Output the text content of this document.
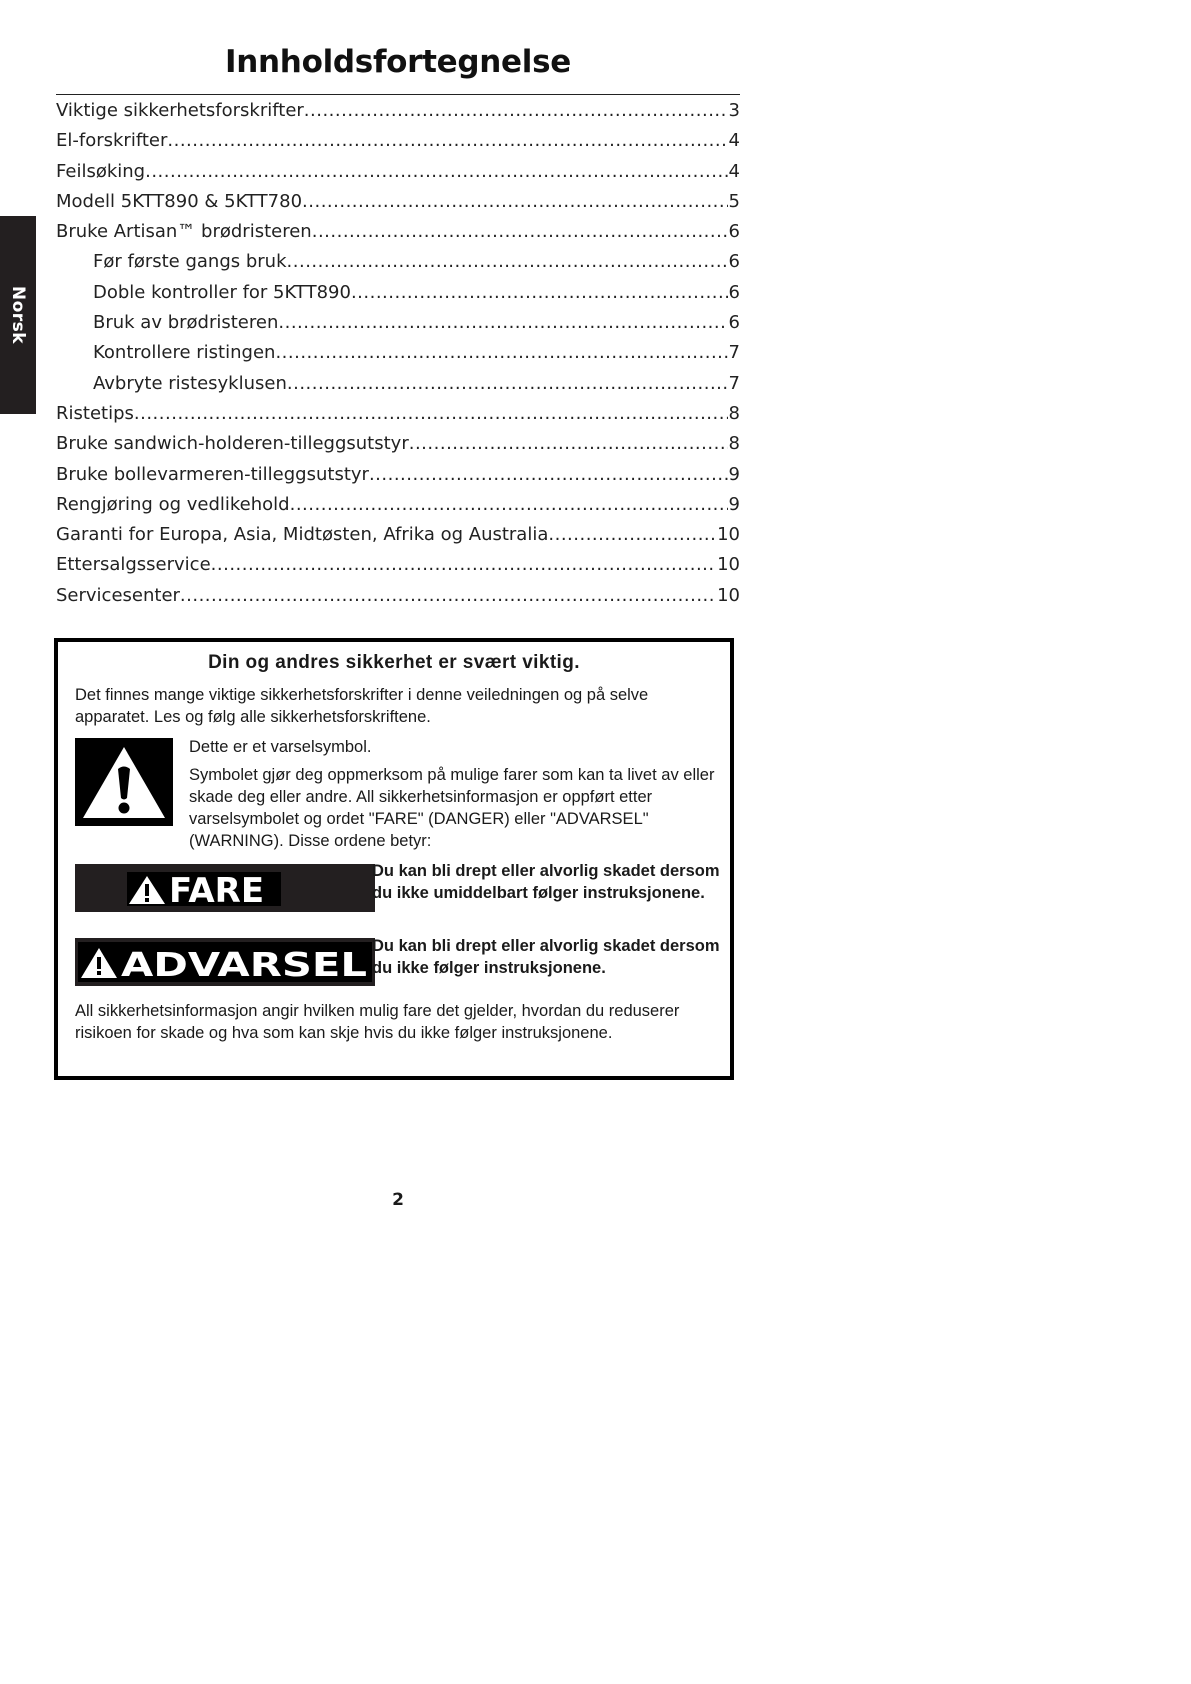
Norsk
Innholdsfortegnelse
Viktige sikkerhetsforskrifter .....	3
El-forskrifter .....	4
Feilsøking .....	4
Modell 5KTT890 & 5KTT780 .....	5
Bruke Artisan™ brødristeren .....	6
Før første gangs bruk .....	6
Doble kontroller for 5KTT890 .....	6
Bruk av brødristeren .....	6
Kontrollere ristingen .....	7
Avbryte ristesyklusen .....	7
Ristetips .....	8
Bruke sandwich-holderen-tilleggsutstyr .....	8
Bruke bollevarmeren-tilleggsutstyr .....	9
Rengjøring og vedlikehold .....	9
Garanti for Europa, Asia, Midtøsten, Afrika og Australia .....	10
Ettersalgsservice .....	10
Servicesenter .....	10

Din og andres sikkerhet er svært viktig.

Det finnes mange viktige sikkerhetsforskrifter i denne veiledningen og på selve apparatet. Les og følg alle sikkerhetsforskriftene.

Dette er et varselsymbol.

Symbolet gjør deg oppmerksom på mulige farer som kan ta livet av eller skade deg eller andre. All sikkerhetsinformasjon er oppført etter varselsymbolet og ordet "FARE" (DANGER) eller "ADVARSEL" (WARNING). Disse ordene betyr:

FARE	Du kan bli drept eller alvorlig skadet dersom du ikke umiddelbart følger instruksjonene.

ADVARSEL Du kan bli drept eller alvorlig skadet dersom du ikke følger instruksjonene.

All sikkerhetsinformasjon angir hvilken mulig fare det gjelder, hvordan du reduserer risikoen for skade og hva som kan skje hvis du ikke følger instruksjonene.

2
